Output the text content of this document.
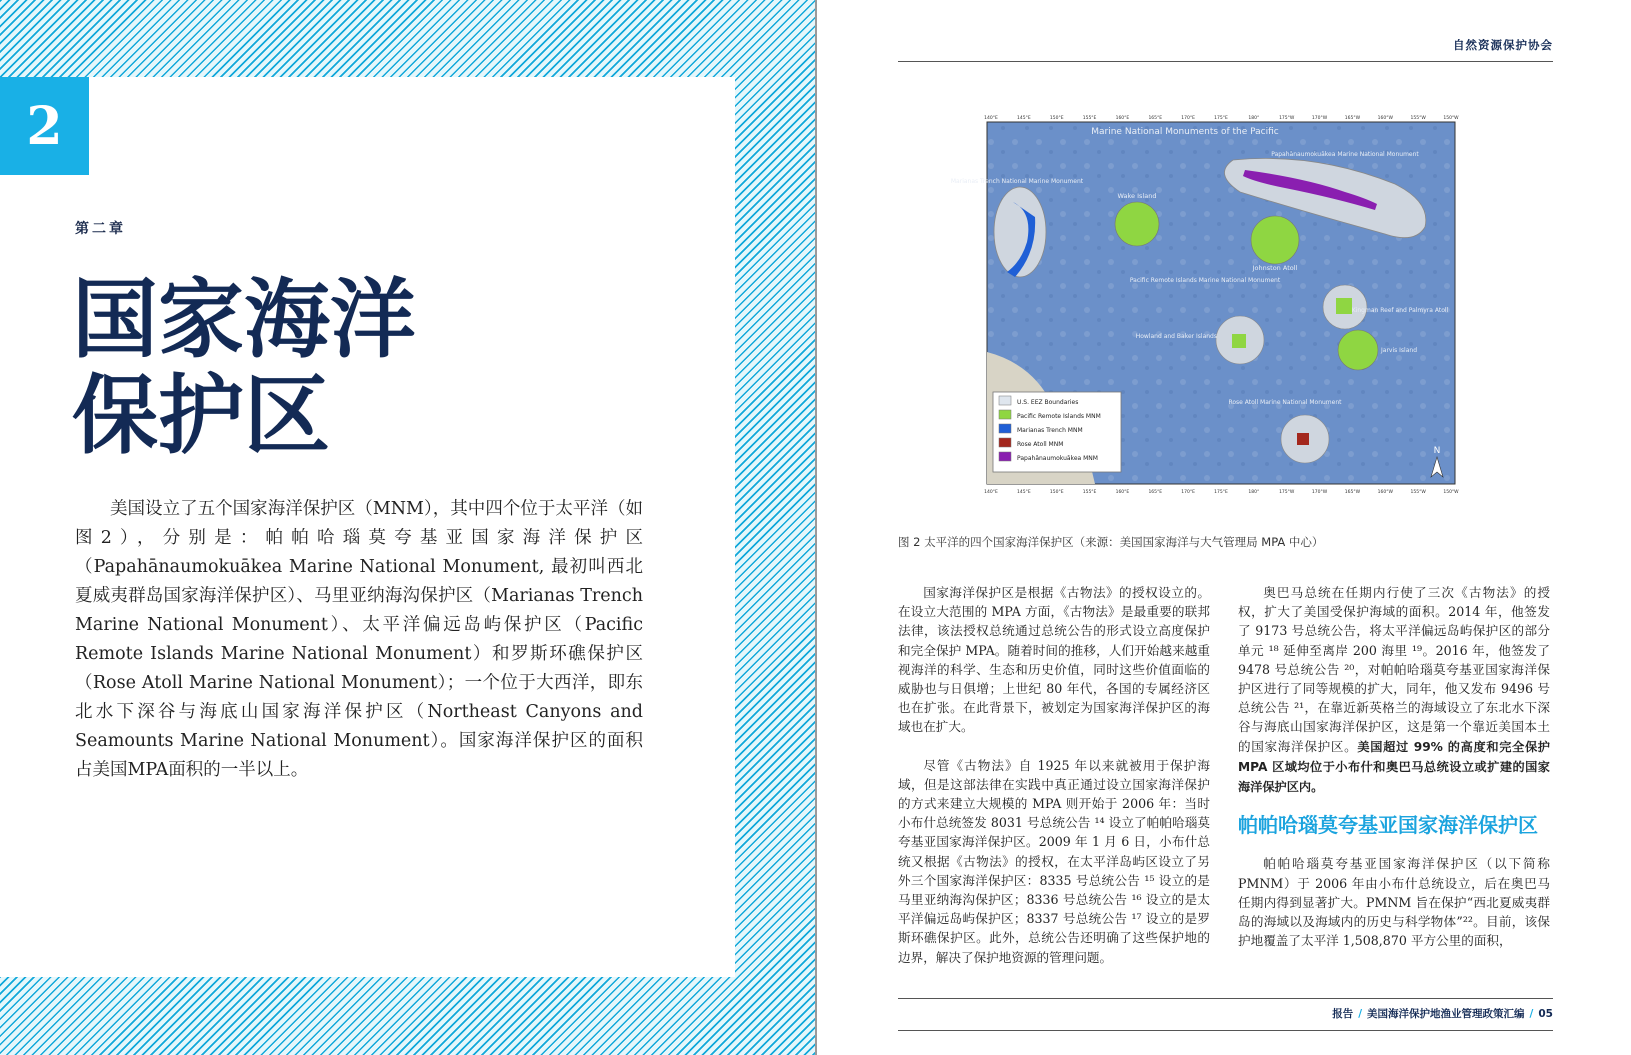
2
第二章
国家海洋
保护区

美国设立了五个国家海洋保护区（MNM），其中四个位于太平洋（如图2），分别是：帕帕哈瑙莫夸基亚国家海洋保护区（Papahānaumokuākea Marine National Monument, 最初叫西北夏威夷群岛国家海洋保护区）、马里亚纳海沟保护区（Marianas Trench Marine National Monument）、太平洋偏远岛屿保护区（Pacific Remote Islands Marine National Monument）和罗斯环礁保护区（Rose Atoll Marine National Monument）；一个位于大西洋，即东北水下深谷与海底山国家海洋保护区（Northeast Canyons and Seamounts Marine National Monument）。国家海洋保护区的面积占美国MPA面积的一半以上。

自然资源保护协会
Marine National Monuments of the Pacific
Marianas Trench National Marine Monument
Wake Island
Papahānaumokuākea Marine National Monument
Johnston Atoll
Pacific Remote Islands Marine National Monument
Kingman Reef and Palmyra Atoll
Howland and Baker Islands
Jarvis Island
Rose Atoll Marine National Monument
U.S. EEZ Boundaries
Pacific Remote Islands MNM
Marianas Trench MNM
Rose Atoll MNM
Papahānaumokuākea MNM
N
140°E	145°E	150°E	155°E	160°E	165°E	170°E	175°E	180°	175°W	170°W	165°W	160°W	155°W	150°W
140°E	145°E	150°E	155°E	160°E	165°E	170°E	175°E	180°	175°W	170°W	165°W	160°W	155°W	150°W
图 2 太平洋的四个国家海洋保护区（来源：美国国家海洋与大气管理局 MPA 中心）

国家海洋保护区是根据《古物法》的授权设立的。在设立大范围的 MPA 方面，《古物法》是最重要的联邦法律，该法授权总统通过总统公告的形式设立高度保护和完全保护 MPA。随着时间的推移，人们开始越来越重视海洋的科学、生态和历史价值，同时这些价值面临的威胁也与日俱增；上世纪 80 年代，各国的专属经济区也在扩张。在此背景下，被划定为国家海洋保护区的海域也在扩大。

尽管《古物法》自 1925 年以来就被用于保护海域，但是这部法律在实践中真正通过设立国家海洋保护的方式来建立大规模的 MPA 则开始于 2006 年：当时小布什总统签发 8031 号总统公告 ¹⁴ 设立了帕帕哈瑙莫夸基亚国家海洋保护区。2009 年 1 月 6 日，小布什总统又根据《古物法》的授权，在太平洋岛屿区设立了另外三个国家海洋保护区：8335 号总统公告 ¹⁵ 设立的是马里亚纳海沟保护区；8336 号总统公告 ¹⁶ 设立的是太平洋偏远岛屿保护区；8337 号总统公告 ¹⁷ 设立的是罗斯环礁保护区。此外，总统公告还明确了这些保护地的边界，解决了保护地资源的管理问题。

奥巴马总统在任期内行使了三次《古物法》的授权，扩大了美国受保护海域的面积。2014 年，他签发了 9173 号总统公告，将太平洋偏远岛屿保护区的部分单元 ¹⁸ 延伸至离岸 200 海里 ¹⁹。2016 年，他签发了 9478 号总统公告 ²⁰，对帕帕哈瑙莫夸基亚国家海洋保护区进行了同等规模的扩大，同年，他又发布 9496 号总统公告 ²¹，在靠近新英格兰的海域设立了东北水下深谷与海底山国家海洋保护区，这是第一个靠近美国本土的国家海洋保护区。美国超过 99% 的高度和完全保护 MPA 区域均位于小布什和奥巴马总统设立或扩建的国家海洋保护区内。

帕帕哈瑙莫夸基亚国家海洋保护区

帕帕哈瑙莫夸基亚国家海洋保护区（以下简称 PMNM）于 2006 年由小布什总统设立，后在奥巴马任期内得到显著扩大。PMNM 旨在保护“西北夏威夷群岛的海域以及海域内的历史与科学物体”²²。目前，该保护地覆盖了太平洋 1,508,870 平方公里的面积，

报告 / 美国海洋保护地渔业管理政策汇编 / 05
